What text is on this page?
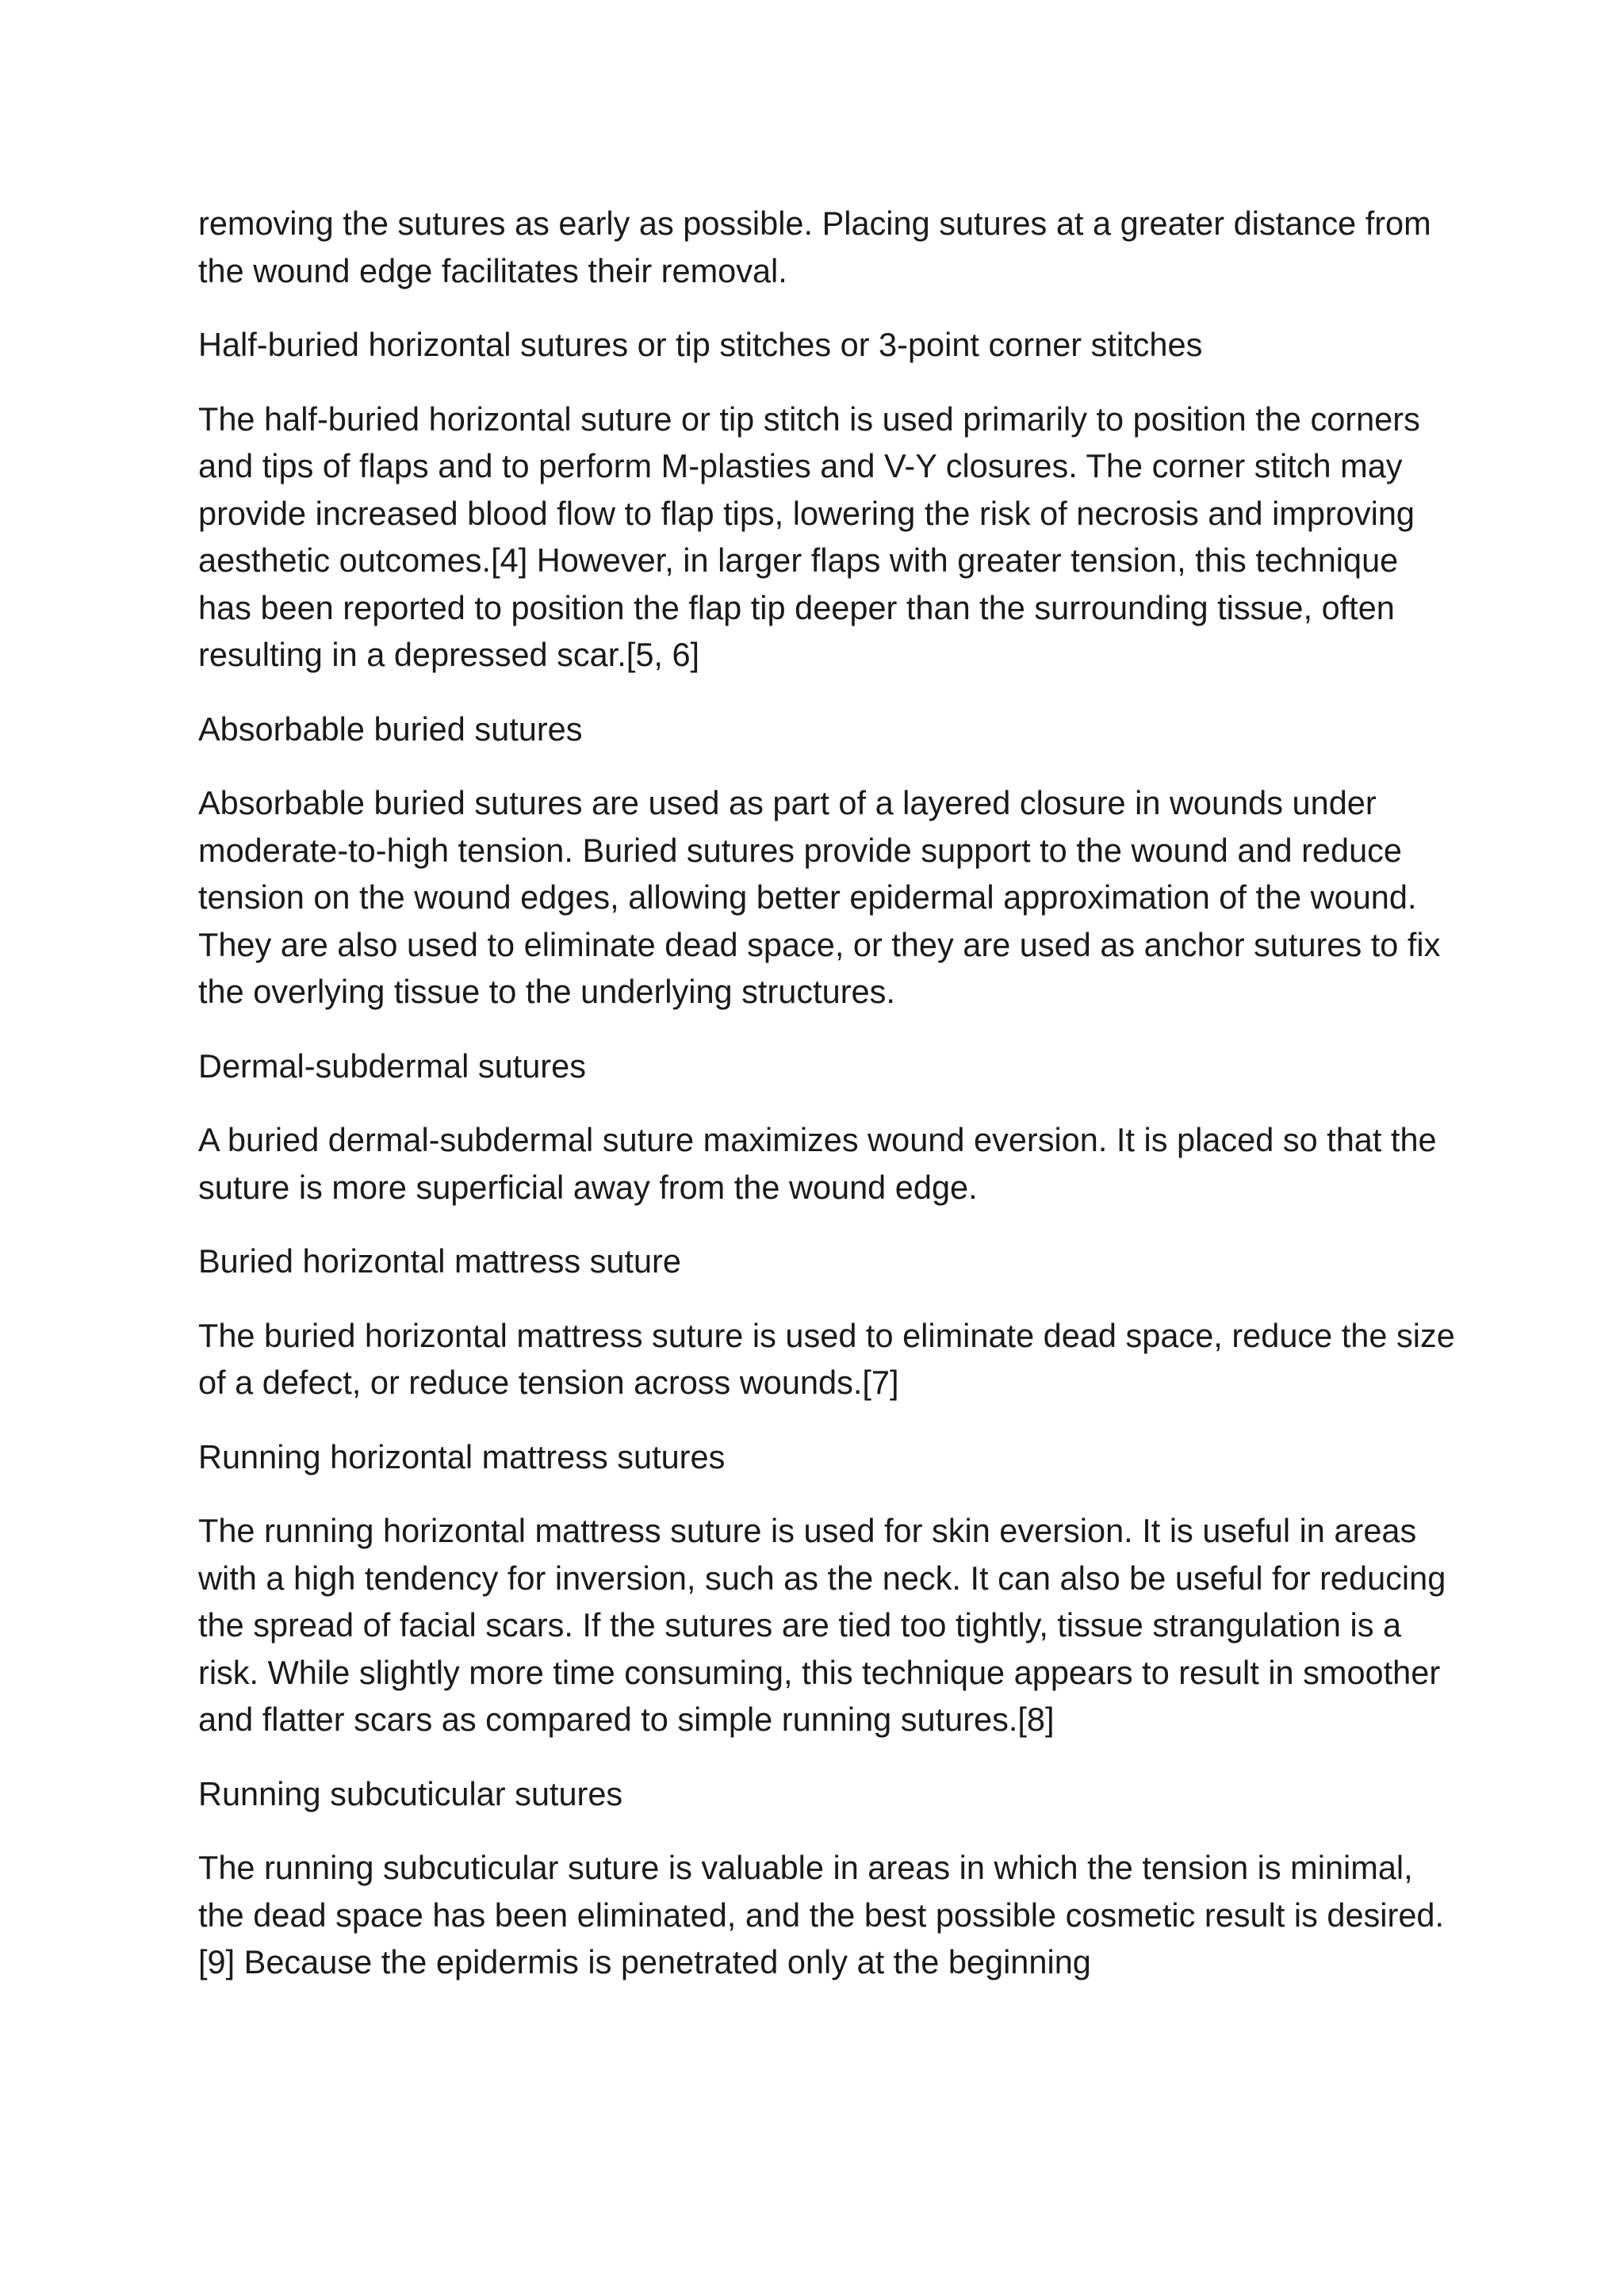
removing the sutures as early as possible. Placing sutures at a greater distance from the wound edge facilitates their removal.

Half-buried horizontal sutures or tip stitches or 3-point corner stitches

The half-buried horizontal suture or tip stitch is used primarily to position the corners and tips of flaps and to perform M-plasties and V-Y closures. The corner stitch may provide increased blood flow to flap tips, lowering the risk of necrosis and improving aesthetic outcomes.[4] However, in larger flaps with greater tension, this technique has been reported to position the flap tip deeper than the surrounding tissue, often resulting in a depressed scar.[5, 6]

Absorbable buried sutures

Absorbable buried sutures are used as part of a layered closure in wounds under moderate-to-high tension. Buried sutures provide support to the wound and reduce tension on the wound edges, allowing better epidermal approximation of the wound. They are also used to eliminate dead space, or they are used as anchor sutures to fix the overlying tissue to the underlying structures.

Dermal-subdermal sutures

A buried dermal-subdermal suture maximizes wound eversion. It is placed so that the suture is more superficial away from the wound edge.

Buried horizontal mattress suture

The buried horizontal mattress suture is used to eliminate dead space, reduce the size of a defect, or reduce tension across wounds.[7]

Running horizontal mattress sutures

The running horizontal mattress suture is used for skin eversion. It is useful in areas with a high tendency for inversion, such as the neck. It can also be useful for reducing the spread of facial scars. If the sutures are tied too tightly, tissue strangulation is a risk. While slightly more time consuming, this technique appears to result in smoother and flatter scars as compared to simple running sutures.[8]

Running subcuticular sutures

The running subcuticular suture is valuable in areas in which the tension is minimal, the dead space has been eliminated, and the best possible cosmetic result is desired.[9] Because the epidermis is penetrated only at the beginning
